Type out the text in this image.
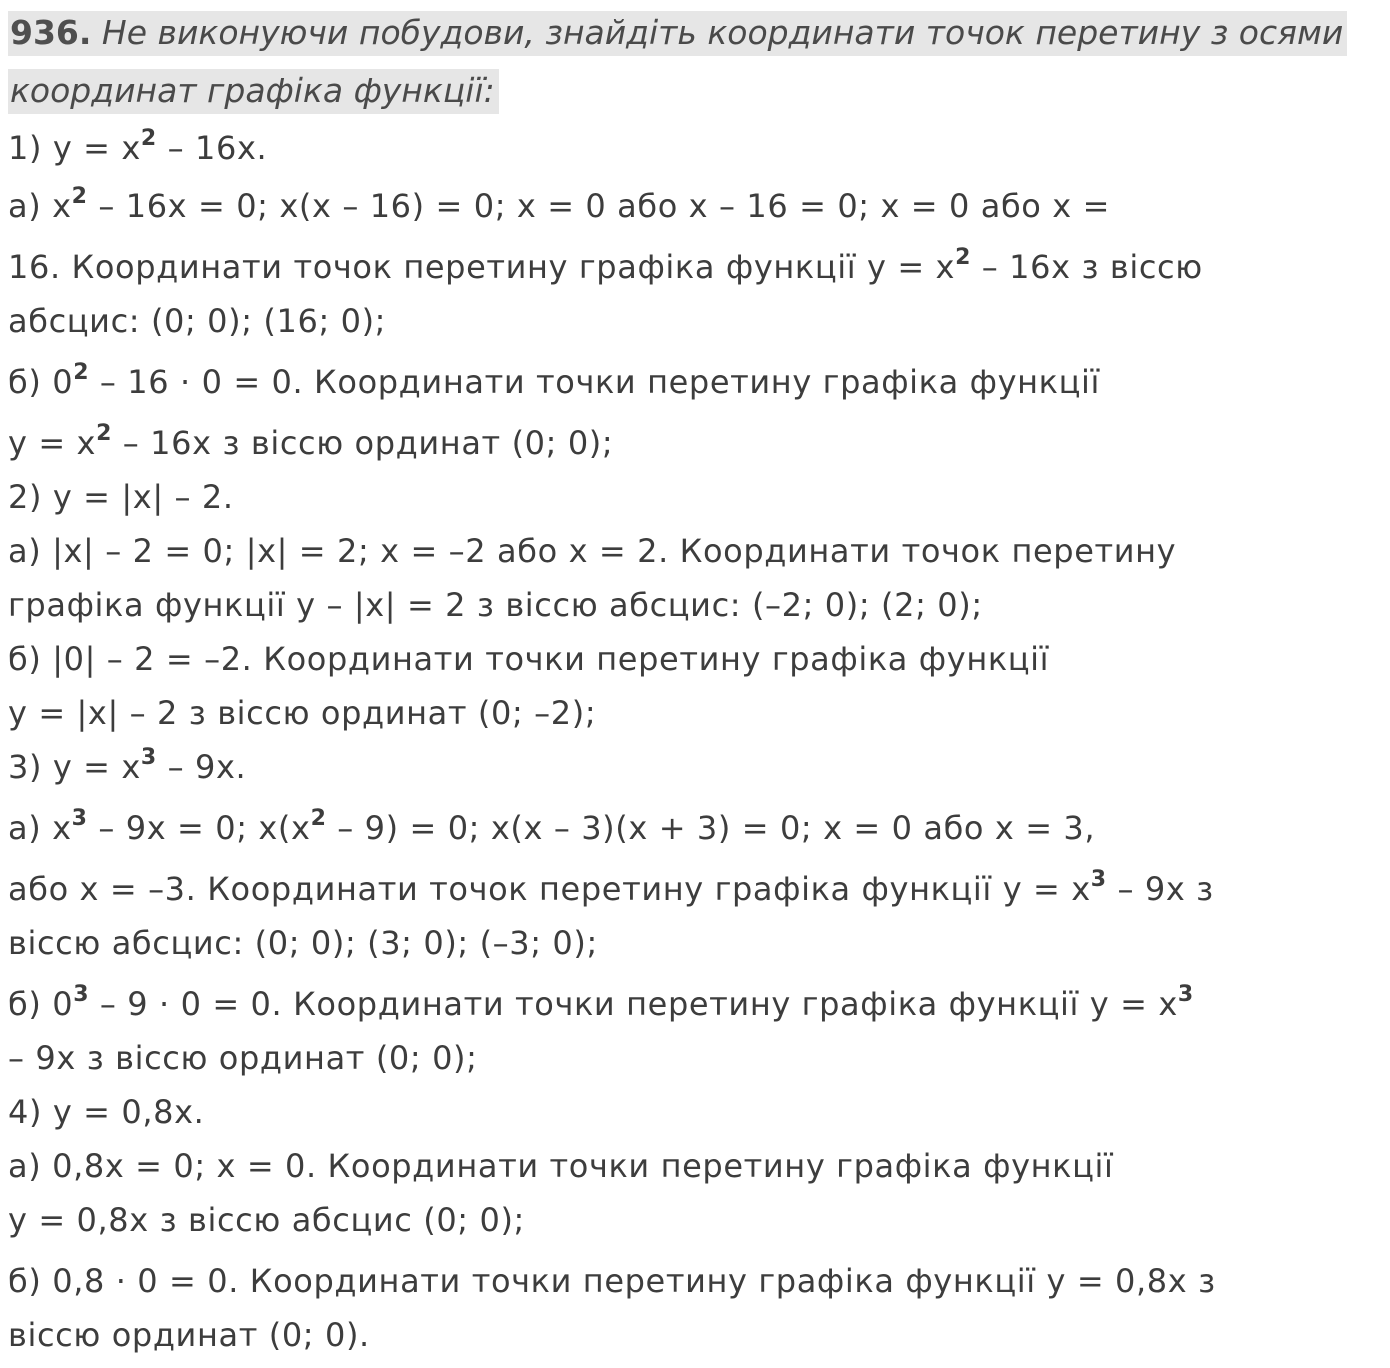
936. Не виконуючи побудови, знайдіть координати точок перетину з осями координат графіка функції:
1) $y = x^2 - 16x$.
а) $x^2 - 16x = 0$; x(x – 16) = 0; x = 0 або x – 16 = 0; x = 0 або x =
16. Координати точок перетину графіка функції $y = x^2 - 16x$ з віссю
абсцис: (0; 0); (16; 0);
б) $0^2 - 16 \cdot 0 = 0$. Координати точки перетину графіка функції
$y = x^2 - 16x$ з віссю ординат (0; 0);
2) y = |x| – 2.
а) |x| – 2 = 0; |x| = 2; x = –2 або x = 2. Координати точок перетину
графіка функції y – |x| = 2 з віссю абсцис: (–2; 0); (2; 0);
б) |0| – 2 = –2. Координати точки перетину графіка функції
y = |x| – 2 з віссю ординат (0; –2);
3) $y = x^3 - 9x$.
а) $x^3 - 9x = 0$; $x(x^2 - 9) = 0$; x(x – 3)(x + 3) = 0; x = 0 або x = 3,
або x = –3. Координати точок перетину графіка функції $y = x^3 - 9x$ з
віссю абсцис: (0; 0); (3; 0); (–3; 0);
б) $0^3 - 9 \cdot 0 = 0$. Координати точки перетину графіка функції $y = x^3$
– 9x з віссю ординат (0; 0);
4) y = 0,8x.
а) 0,8x = 0; x = 0. Координати точки перетину графіка функції
y = 0,8x з віссю абсцис (0; 0);
б) 0,8 · 0 = 0. Координати точки перетину графіка функції y = 0,8x з
віссю ординат (0; 0).
